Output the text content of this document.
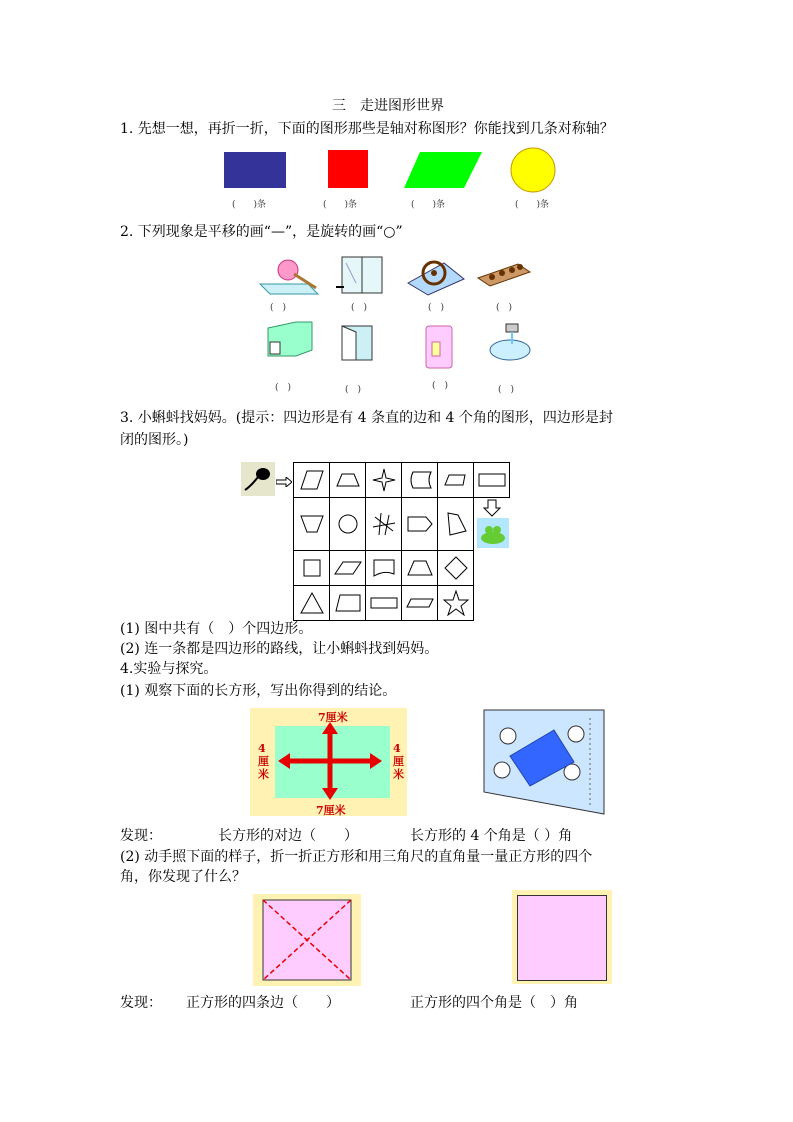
三　走进图形世界
1. 先想一想，再折一折，下面的图形那些是轴对称图形？你能找到几条对称轴？
(　　)条	(　　)条	(　　)条	(　　)条
2. 下列现象是平移的画“—”，是旋转的画“○”
(　)	(　)	(　)	(　)
(　)	(　)	(　)	(　)
3. 小蝌蚪找妈妈。(提示：四边形是有 4 条直的边和 4 个角的图形，四边形是封
闭的图形。)

(1) 图中共有（　）个四边形。
(2) 连一条都是四边形的路线，让小蝌蚪找到妈妈。
4.实验与探究。
(1) 观察下面的长方形，写出你得到的结论。
7厘米
7厘米
4厘米
4厘米
发现：	长方形的对边（　　）	长方形的 4 个角是（ ）角
(2) 动手照下面的样子，折一折正方形和用三角尺的直角量一量正方形的四个
角，你发现了什么？
发现： 正方形的四条边（　　）	正方形的四个角是（　）角
